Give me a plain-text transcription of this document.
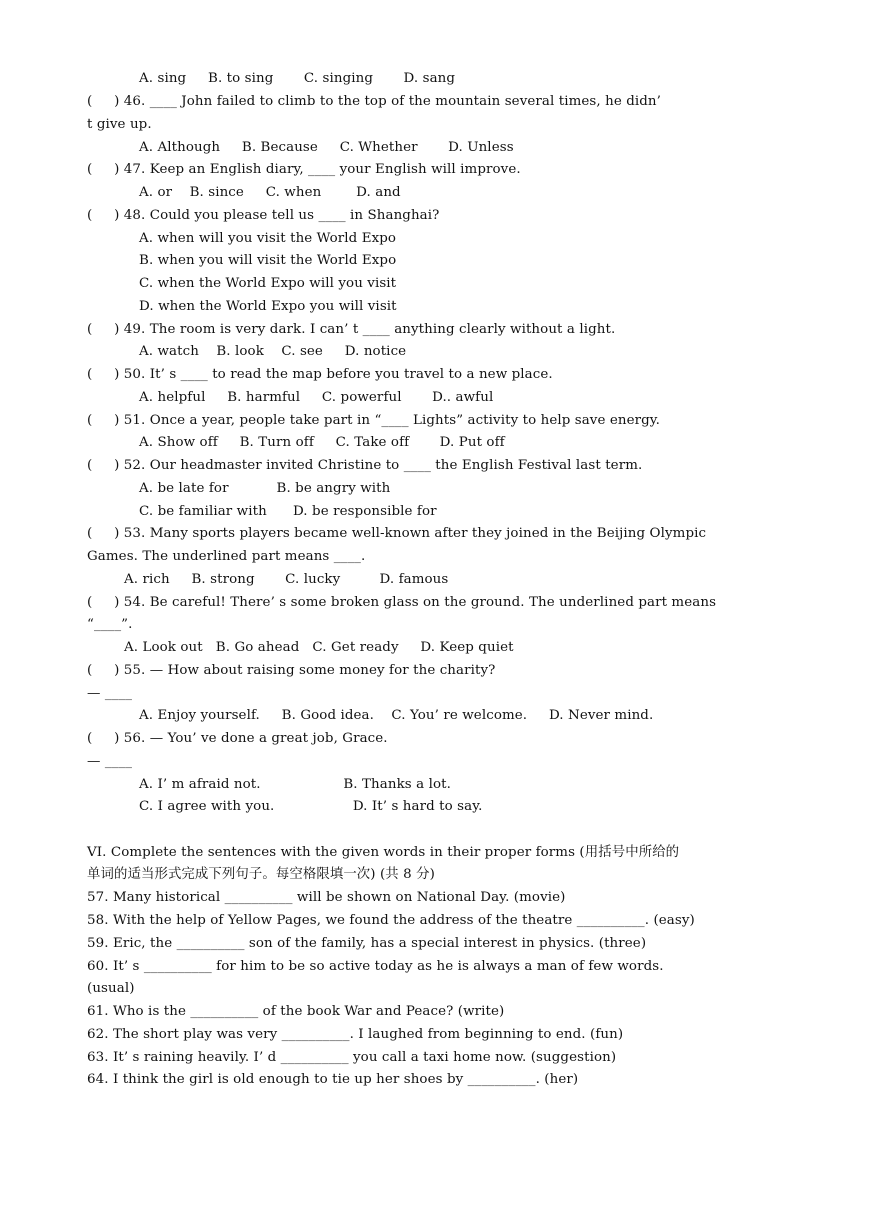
A. sing     B. to sing       C. singing       D. sang
(     ) 46. ____ John failed to climb to the top of the mountain several times, he didn’
t give up.
A. Although     B. Because     C. Whether       D. Unless
(     ) 47. Keep an English diary, ____ your English will improve.
A. or    B. since     C. when        D. and
(     ) 48. Could you please tell us ____ in Shanghai?
A. when will you visit the World Expo
B. when you will visit the World Expo
C. when the World Expo will you visit
D. when the World Expo you will visit
(     ) 49. The room is very dark. I can’ t ____ anything clearly without a light.
A. watch    B. look    C. see     D. notice
(     ) 50. It’ s ____ to read the map before you travel to a new place.
A. helpful     B. harmful     C. powerful       D.. awful
(     ) 51. Once a year, people take part in “____ Lights” activity to help save energy.
A. Show off     B. Turn off     C. Take off       D. Put off
(     ) 52. Our headmaster invited Christine to ____ the English Festival last term.
A. be late for           B. be angry with
C. be familiar with      D. be responsible for
(     ) 53. Many sports players became well-known after they joined in the Beijing Olympic
Games. The underlined part means ____.
A. rich     B. strong       C. lucky         D. famous
(     ) 54. Be careful! There’ s some broken glass on the ground. The underlined part means
“____”.
A. Look out   B. Go ahead   C. Get ready     D. Keep quiet
(     ) 55. — How about raising some money for the charity?
— ____
A. Enjoy yourself.     B. Good idea.    C. You’ re welcome.     D. Never mind.
(     ) 56. — You’ ve done a great job, Grace.
— ____
A. I’ m afraid not.                   B. Thanks a lot.
C. I agree with you.                  D. It’ s hard to say.
VI. Complete the sentences with the given words in their proper forms (用括号中所给的
单词的适当形式完成下列句子。每空格限填一次) (共 8 分)
57. Many historical __________ will be shown on National Day. (movie)
58. With the help of Yellow Pages, we found the address of the theatre __________. (easy)
59. Eric, the __________ son of the family, has a special interest in physics. (three)
60. It’ s __________ for him to be so active today as he is always a man of few words.
(usual)
61. Who is the __________ of the book War and Peace? (write)
62. The short play was very __________. I laughed from beginning to end. (fun)
63. It’ s raining heavily. I’ d __________ you call a taxi home now. (suggestion)
64. I think the girl is old enough to tie up her shoes by __________. (her)
